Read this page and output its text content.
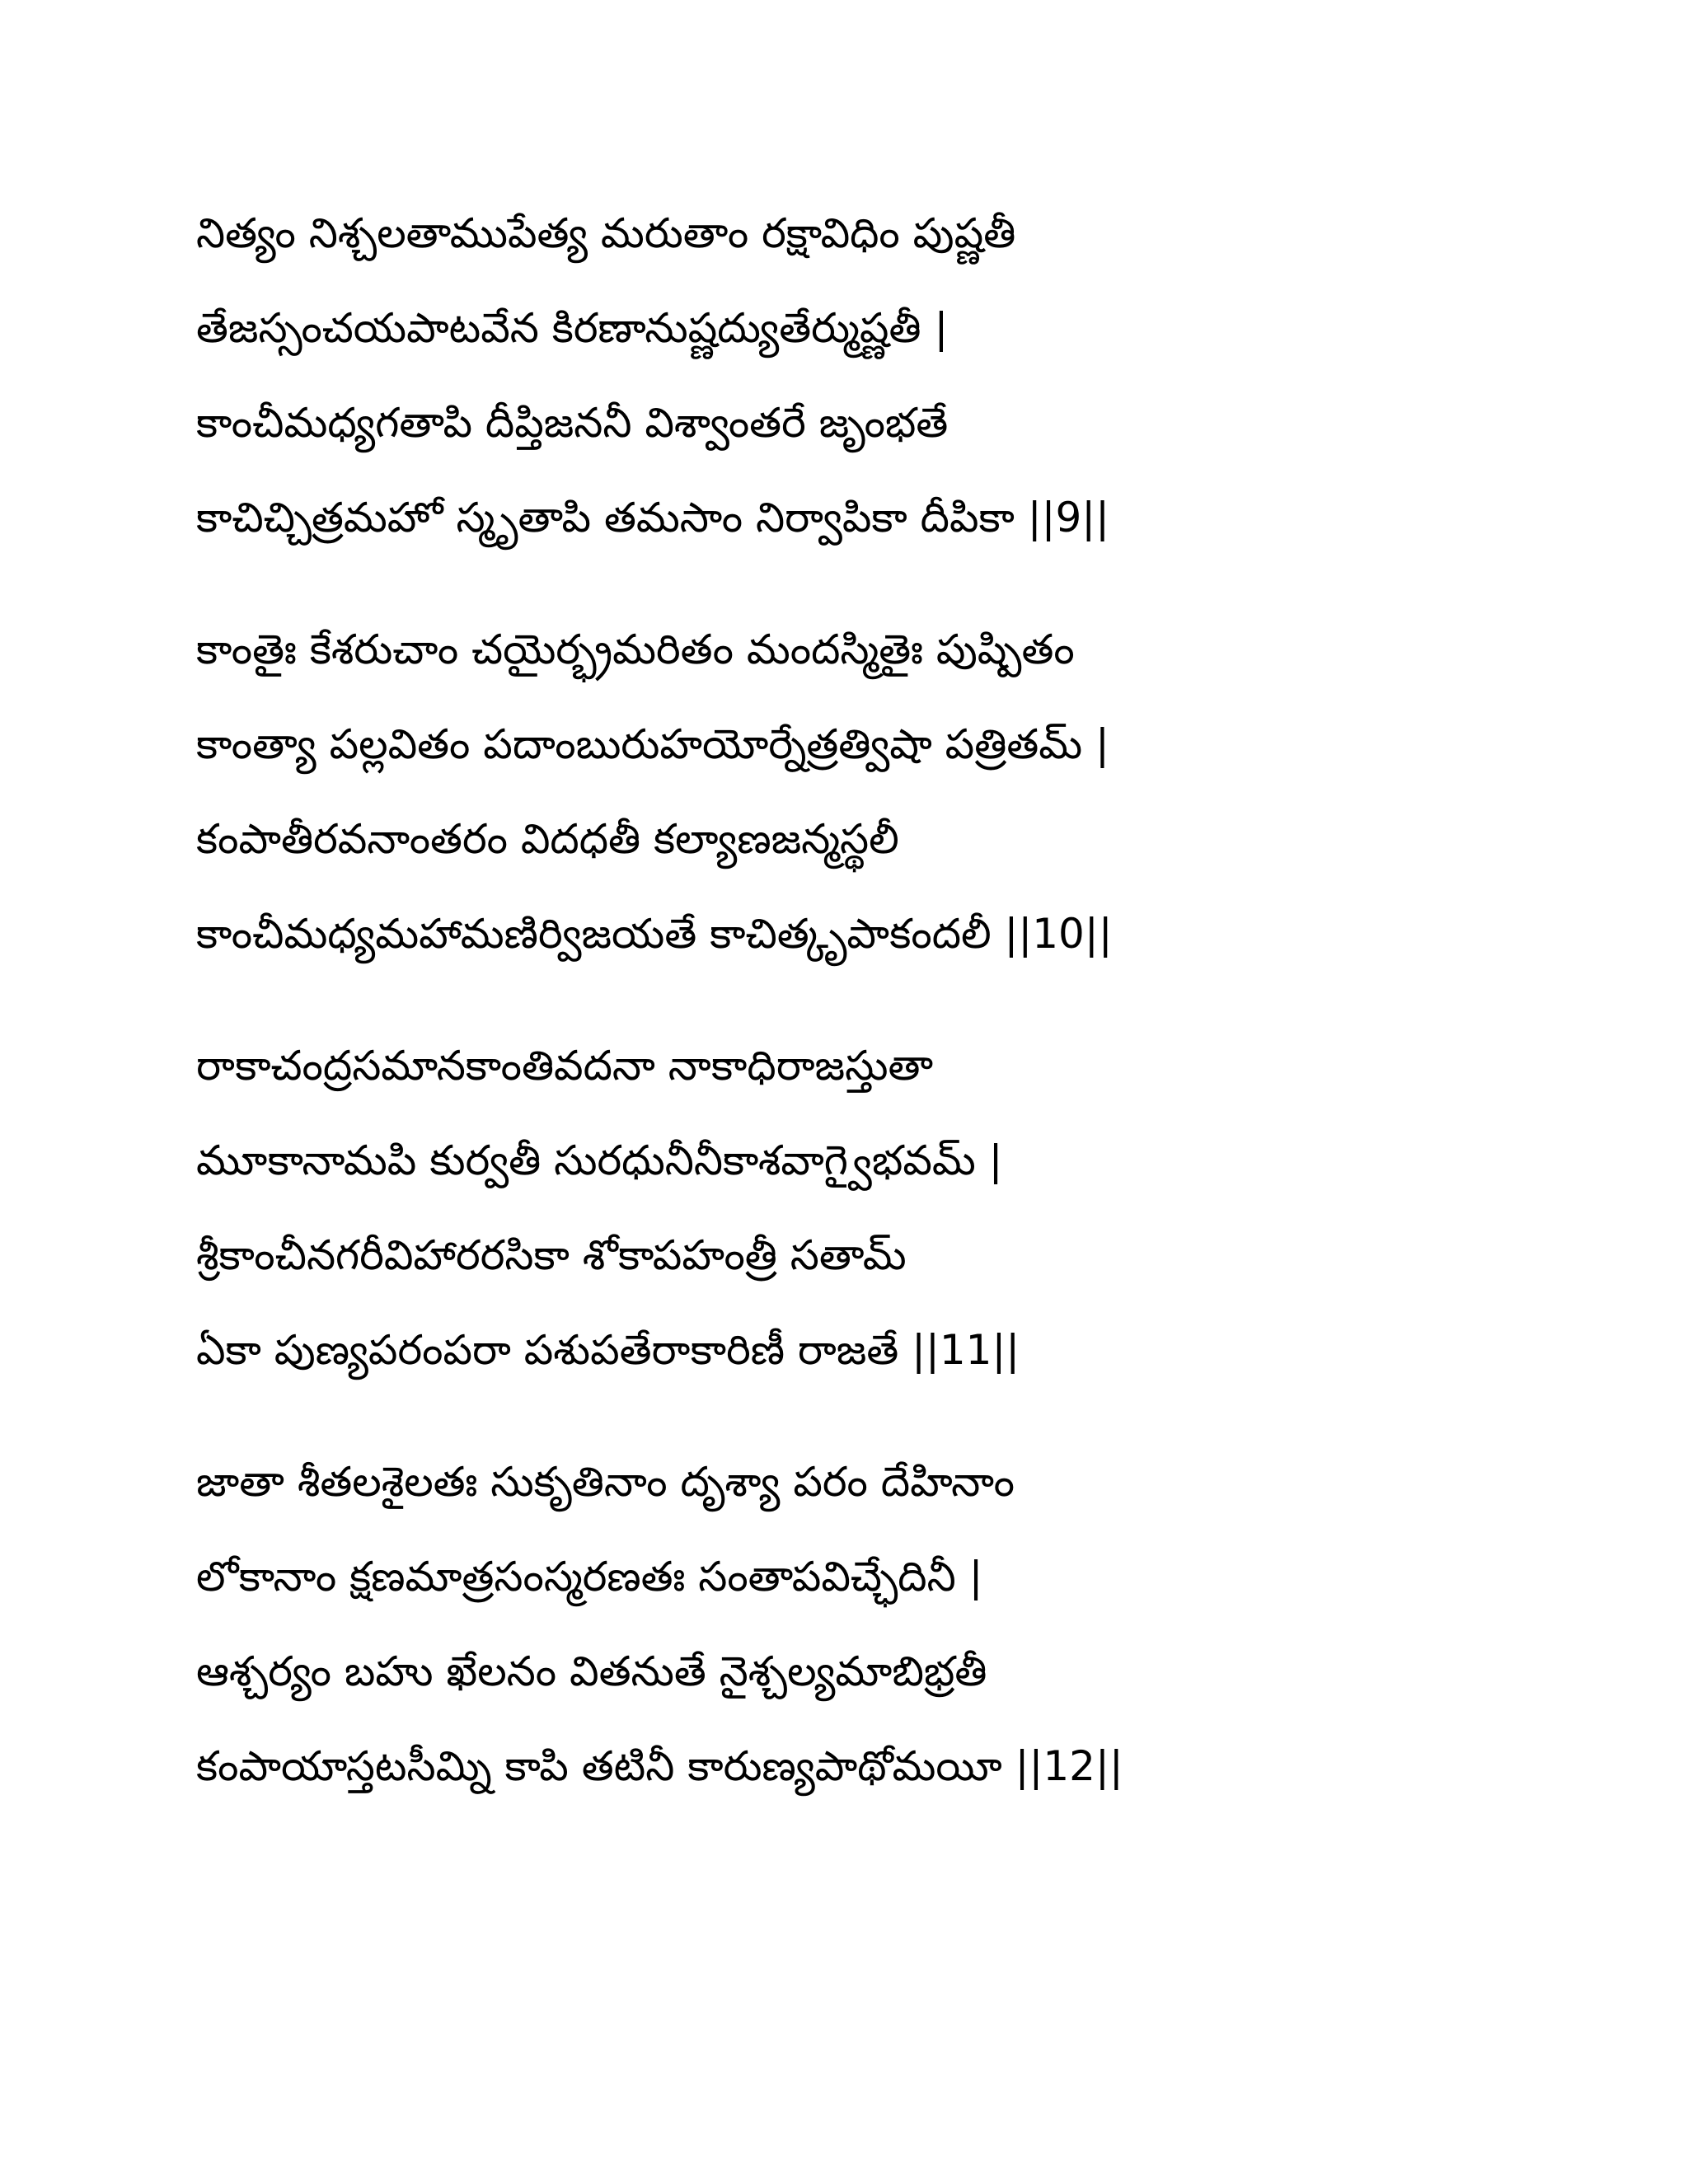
నిత్యం నిశ్చలతాముపేత్య మరుతాం రక్షావిధిం పుష్ణతీ
తేజస్సంచయపాటవేన కిరణానుష్ణద్యుతేర్ముష్ణతీ |
కాంచీమధ్యగతాపి దీప్తిజననీ విశ్వాంతరే జృంభతే
కాచిచ్చిత్రమహో స్మృతాపి తమసాం నిర్వాపికా దీపికా ||9||
కాంతైః కేశరుచాం చయైర్భ్రమరితం మందస్మితైః పుష్పితం
కాంత్యా పల్లవితం పదాంబురుహయోర్నేత్రత్విషా పత్రితమ్ |
కంపాతీరవనాంతరం విదధతీ కల్యాణజన్మస్థలీ
కాంచీమధ్యమహామణిర్విజయతే కాచిత్కృపాకందలీ ||10||
రాకాచంద్రసమానకాంతివదనా నాకాధిరాజస్తుతా
మూకానామపి కుర్వతీ సురధునీనీకాశవాగ్వైభవమ్ |
శ్రీకాంచీనగరీవిహారరసికా శోకాపహంత్రీ సతామ్
ఏకా పుణ్యపరంపరా పశుపతేరాకారిణీ రాజతే ||11||
జాతా శీతలశైలతః సుకృతినాం దృశ్యా పరం దేహినాం
లోకానాం క్షణమాత్రసంస్మరణతః సంతాపవిచ్ఛేదినీ |
ఆశ్చర్యం బహు ఖేలనం వితనుతే నైశ్చల్యమాబిభ్రతీ
కంపాయాస్తటసీమ్ని కాపి తటినీ కారుణ్యపాథోమయీ ||12||
